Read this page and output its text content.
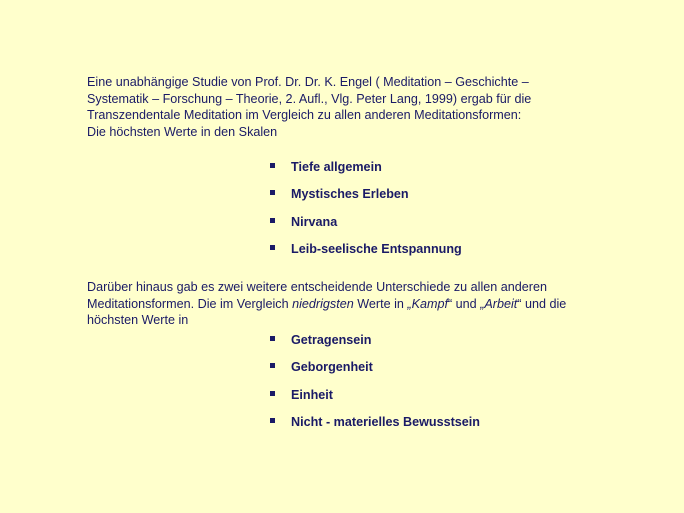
Eine unabhängige Studie von Prof. Dr. Dr. K. Engel ( Meditation – Geschichte –
Systematik – Forschung – Theorie, 2. Aufl., Vlg. Peter Lang, 1999) ergab für die
Transzendentale Meditation im Vergleich zu allen anderen Meditationsformen:
Die höchsten Werte in den Skalen

Tiefe allgemein
Mystisches Erleben
Nirvana
Leib-seelische Entspannung

Darüber hinaus gab es zwei weitere entscheidende Unterschiede zu allen anderen
Meditationsformen. Die im Vergleich niedrigsten Werte in „Kampf“ und „Arbeit“ und die
höchsten Werte in

Getragensein
Geborgenheit
Einheit
Nicht - materielles Bewusstsein
